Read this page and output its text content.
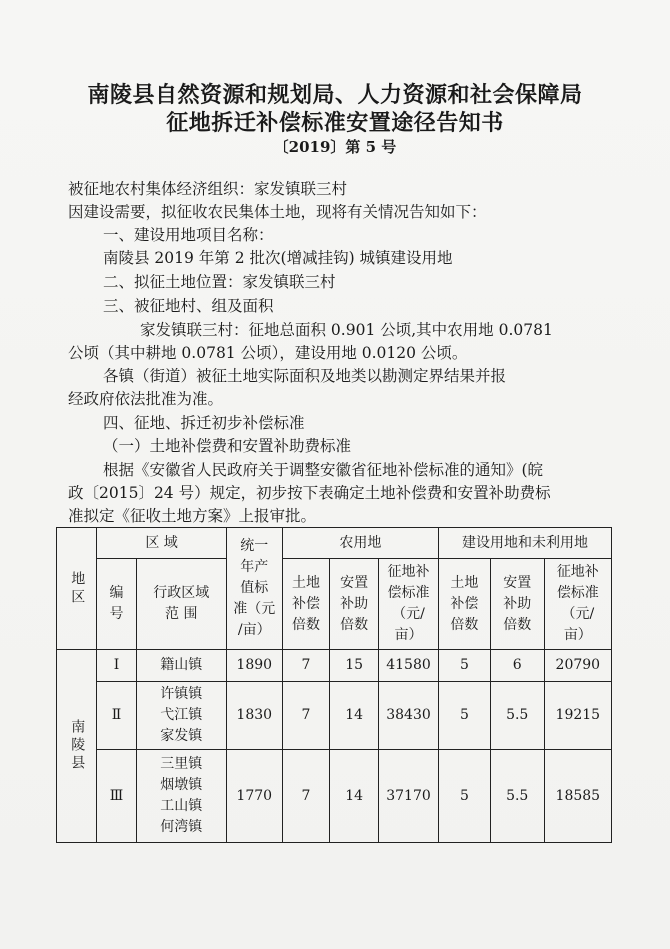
南陵县自然资源和规划局、人力资源和社会保障局
征地拆迁补偿标准安置途径告知书
〔2019〕第 5 号
被征地农村集体经济组织：家发镇联三村
因建设需要，拟征收农民集体土地，现将有关情况告知如下：
一、建设用地项目名称：
南陵县 2019 年第 2 批次(增减挂钩) 城镇建设用地
二、拟征土地位置：家发镇联三村
三、被征地村、组及面积
家发镇联三村：征地总面积 0.901 公顷,其中农用地 0.0781
公顷（其中耕地 0.0781 公顷），建设用地 0.0120 公顷。
各镇（街道）被征土地实际面积及地类以勘测定界结果并报
经政府依法批准为准。
四、征地、拆迁初步补偿标准
（一）土地补偿费和安置补助费标准
根据《安徽省人民政府关于调整安徽省征地补偿标准的通知》(皖
政〔2015〕24 号）规定，初步按下表确定土地补偿费和安置补助费标
准拟定《征收土地方案》上报审批。
地区	区 域		统一
年产
值标
准（元
/亩）	农用地			建设用地和未利用地		

	编
号	行政区域
范 围		土地
补偿
倍数	安置
补助
倍数	征地补
偿标准
（元/
亩）	土地
补偿
倍数	安置
补助
倍数	征地补
偿标准
（元/
亩）

南陵县	Ⅰ	籍山镇	1890	7	15	41580	5	6	20790
	Ⅱ	许镇镇
弋江镇
家发镇	1830	7	14	38430	5	5.5	19215
	Ⅲ	三里镇
烟墩镇
工山镇
何湾镇	1770	7	14	37170	5	5.5	18585
